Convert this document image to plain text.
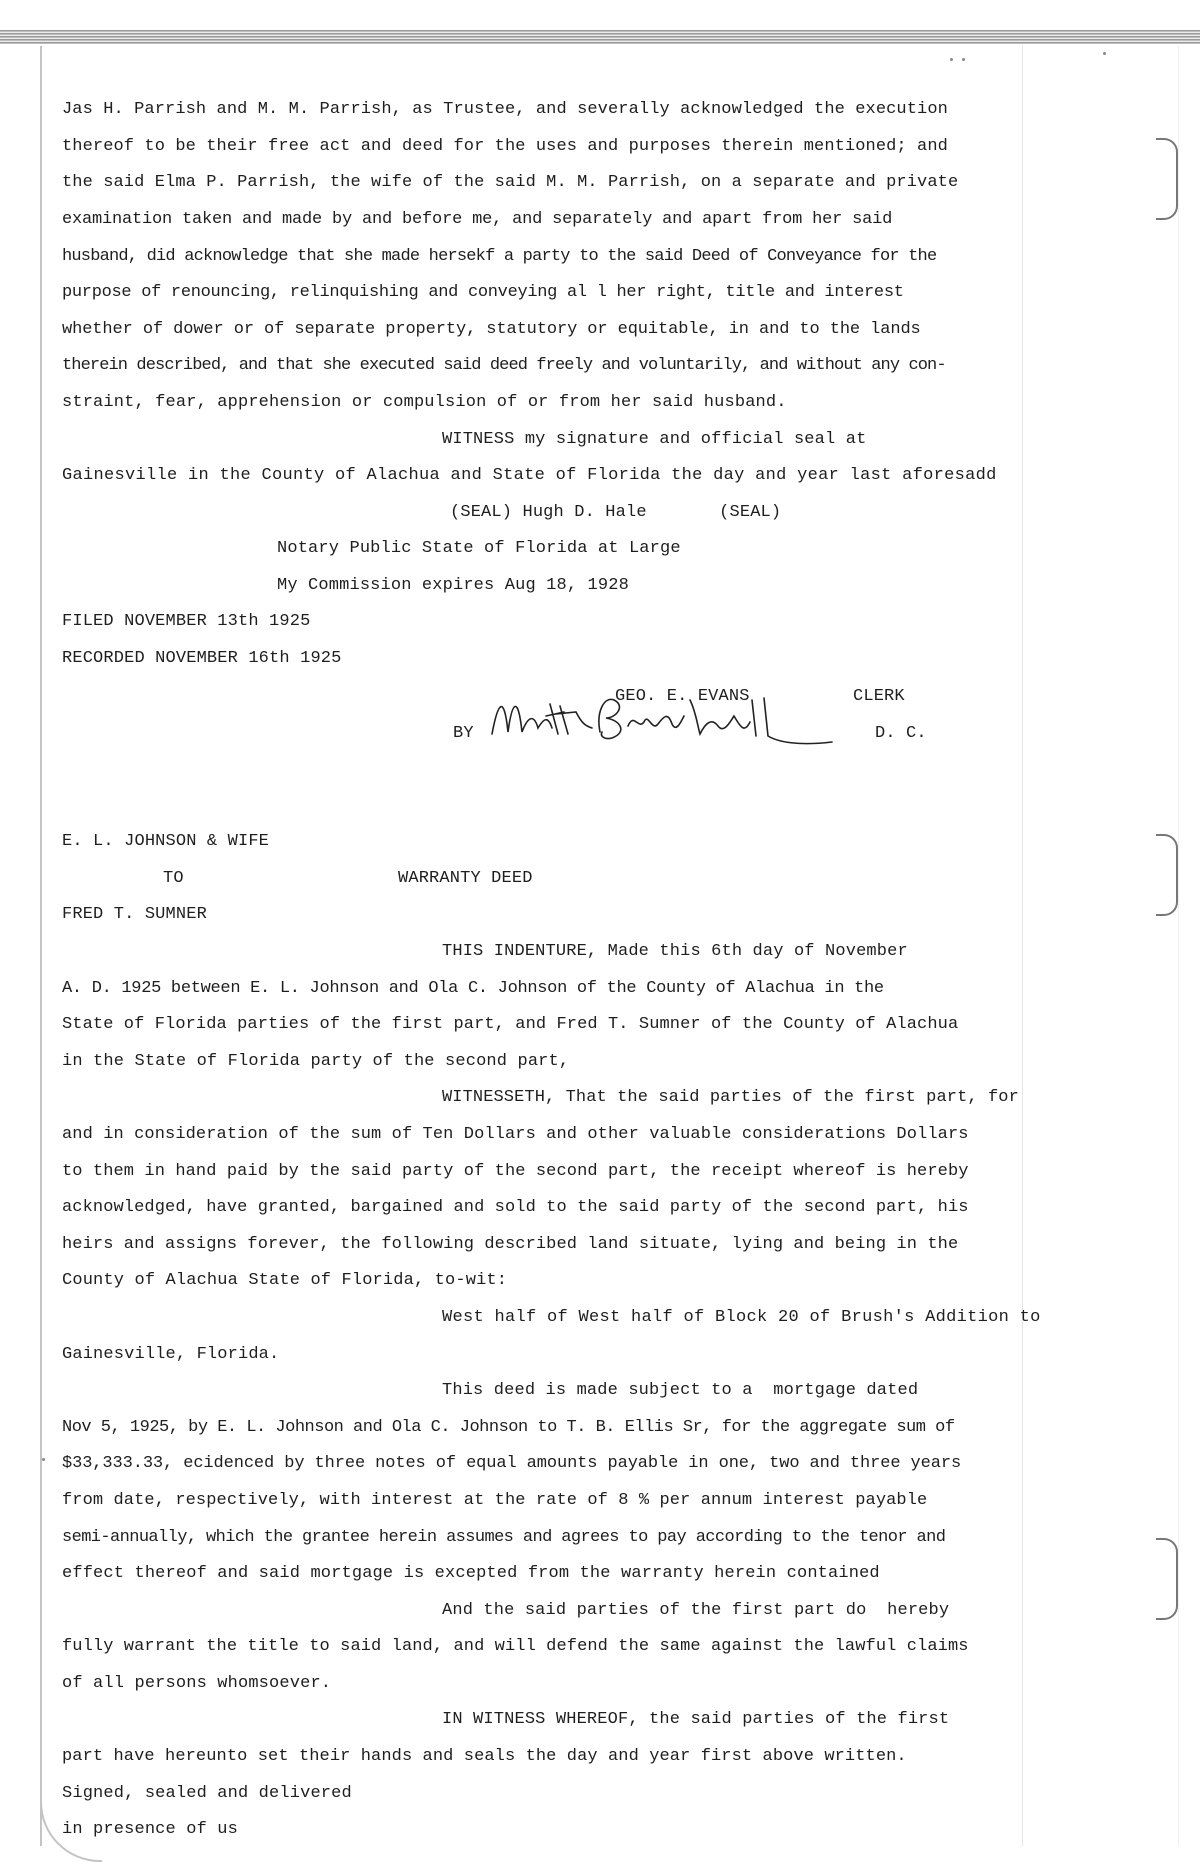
Jas H. Parrish and M. M. Parrish, as Trustee, and severally acknowledged the execution
thereof to be their free act and deed for the uses and purposes therein mentioned; and
the said Elma P. Parrish, the wife of the said M. M. Parrish, on a separate and private
examination taken and made by and before me, and separately and apart from her said
husband, did acknowledge that she made hersekf a party to the said Deed of Conveyance for the
purpose of renouncing, relinquishing and conveying al l her right, title and interest
whether of dower or of separate property, statutory or equitable, in and to the lands
therein described, and that she executed said deed freely and voluntarily, and without any con-
straint, fear, apprehension or compulsion of or from her said husband.
WITNESS my signature and official seal at
Gainesville in the County of Alachua and State of Florida the day and year last aforesadd
(SEAL) Hugh D. Hale       (SEAL)
Notary Public State of Florida at Large
My Commission expires Aug 18, 1928
FILED NOVEMBER 13th 1925
RECORDED NOVEMBER 16th 1925
GEO. E. EVANS	CLERK
BY	D. C.
E. L. JOHNSON & WIFE
TO	WARRANTY DEED
FRED T. SUMNER
THIS INDENTURE, Made this 6th day of November
A. D. 1925 between E. L. Johnson and Ola C. Johnson of the County of Alachua in the
State of Florida parties of the first part, and Fred T. Sumner of the County of Alachua
in the State of Florida party of the second part,
WITNESSETH, That the said parties of the first part, for
and in consideration of the sum of Ten Dollars and other valuable considerations Dollars
to them in hand paid by the said party of the second part, the receipt whereof is hereby
acknowledged, have granted, bargained and sold to the said party of the second part, his
heirs and assigns forever, the following described land situate, lying and being in the
County of Alachua State of Florida, to-wit:
West half of West half of Block 20 of Brush's Addition to
Gainesville, Florida.
This deed is made subject to a  mortgage dated
Nov 5, 1925, by E. L. Johnson and Ola C. Johnson to T. B. Ellis Sr, for the aggregate sum of
$33,333.33, ecidenced by three notes of equal amounts payable in one, two and three years
from date, respectively, with interest at the rate of 8 % per annum interest payable
semi-annually, which the grantee herein assumes and agrees to pay according to the tenor and
effect thereof and said mortgage is excepted from the warranty herein contained
And the said parties of the first part do  hereby
fully warrant the title to said land, and will defend the same against the lawful claims
of all persons whomsoever.
IN WITNESS WHEREOF, the said parties of the first
part have hereunto set their hands and seals the day and year first above written.
Signed, sealed and delivered
in presence of us
